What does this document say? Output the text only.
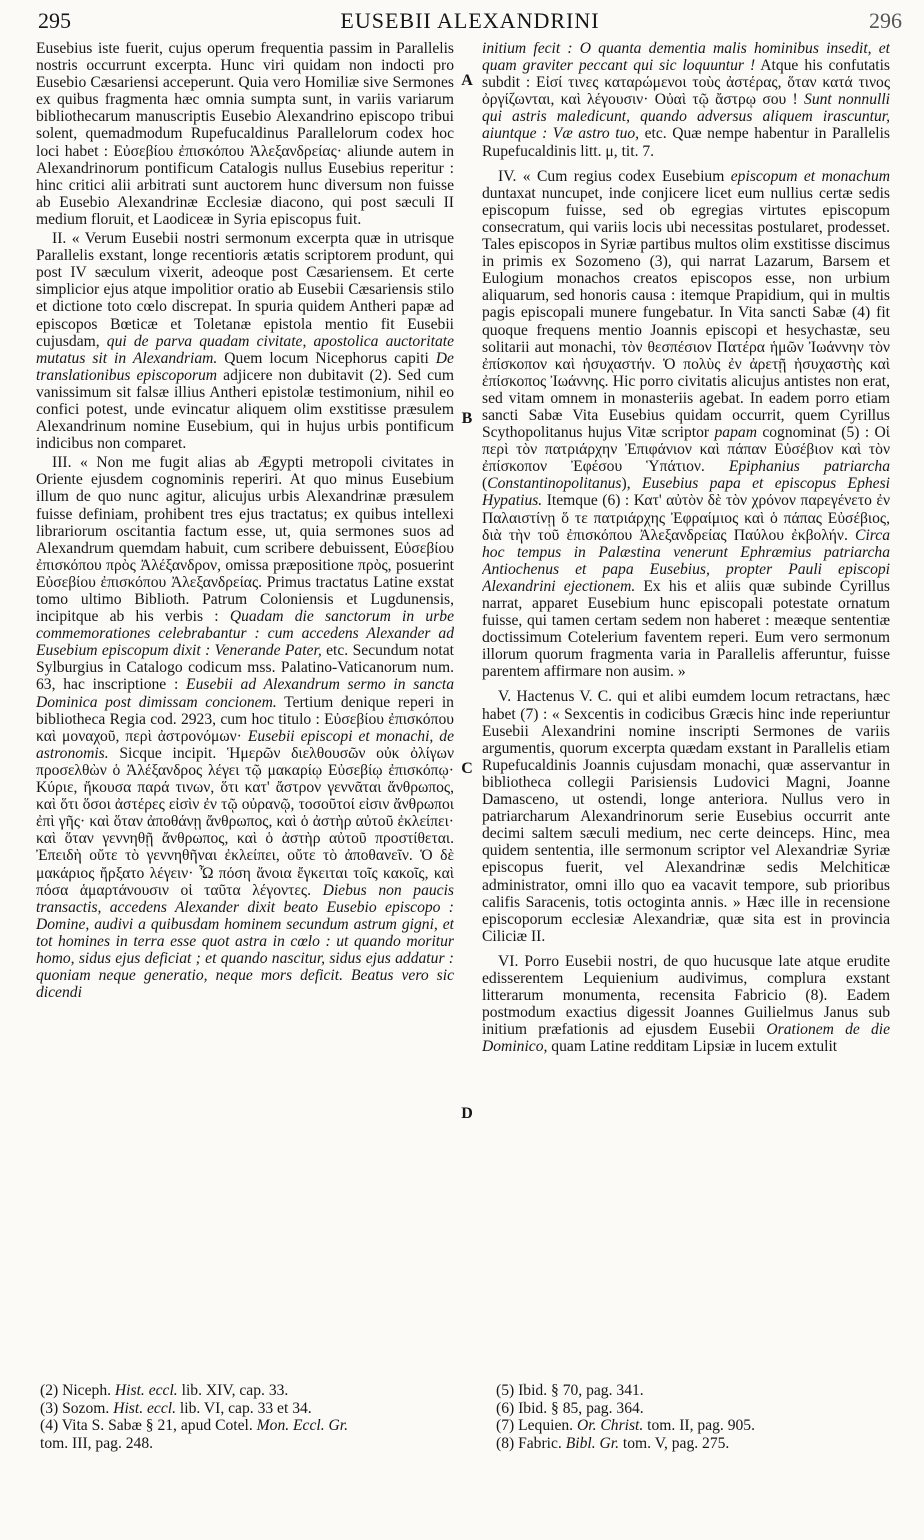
295	EUSEBII ALEXANDRINI	296

Eusebius iste fuerit, cujus operum frequentia passim in Parallelis nostris occurrunt excerpta. Hunc viri quidam non indocti pro Eusebio Cæsariensi acceperunt. Quia vero Homiliæ sive Sermones ex quibus fragmenta hæc omnia sumpta sunt, in variis variarum bibliothecarum manuscriptis Eusebio Alexandrino episcopo tribui solent, quemadmodum Rupefucaldinus Parallelorum codex hoc loci habet : Εὐσεβίου ἐπισκόπου Ἀλεξανδρείας· aliunde autem in Alexandrinorum pontificum Catalogis nullus Eusebius reperitur : hinc critici alii arbitrati sunt auctorem hunc diversum non fuisse ab Eusebio Alexandrinæ Ecclesiæ diacono, qui post sæculi II medium floruit, et Laodiceæ in Syria episcopus fuit.

II. « Verum Eusebii nostri sermonum excerpta quæ in utrisque Parallelis exstant, longe recentioris ætatis scriptorem produnt, qui post IV sæculum vixerit, adeoque post Cæsariensem. Et certe simplicior ejus atque impolitior oratio ab Eusebii Cæsariensis stilo et dictione toto cœlo discrepat. In spuria quidem Antheri papæ ad episcopos Bœticæ et Toletanæ epistola mentio fit Eusebii cujusdam, qui de parva quadam civitate, apostolica auctoritate mutatus sit in Alexandriam. Quem locum Nicephorus capiti De translationibus episcoporum adjicere non dubitavit (2). Sed cum vanissimum sit falsæ illius Antheri epistolæ testimonium, nihil eo confici potest, unde evincatur aliquem olim exstitisse præsulem Alexandrinum nomine Eusebium, qui in hujus urbis pontificum indicibus non comparet.

III. « Non me fugit alias ab Ægypti metropoli civitates in Oriente ejusdem cognominis reperiri. At quo minus Eusebium illum de quo nunc agitur, alicujus urbis Alexandrinæ præsulem fuisse definiam, prohibent tres ejus tractatus; ex quibus intellexi librariorum oscitantia factum esse, ut, quia sermones suos ad Alexandrum quemdam habuit, cum scribere debuissent, Εὐσεβίου ἐπισκόπου πρὸς Ἀλέξανδρον, omissa præpositione πρὸς, posuerint Εὐσεβίου ἐπισκόπου Ἀλεξανδρείας. Primus tractatus Latine exstat tomo ultimo Biblioth. Patrum Coloniensis et Lugdunensis, incipitque ab his verbis : Quadam die sanctorum in urbe commemorationes celebrabantur : cum accedens Alexander ad Eusebium episcopum dixit : Venerande Pater, etc. Secundum notat Sylburgius in Catalogo codicum mss. Palatino-Vaticanorum num. 63, hac inscriptione : Eusebii ad Alexandrum sermo in sancta Dominica post dimissam concionem. Tertium denique reperi in bibliotheca Regia cod. 2923, cum hoc titulo : Εὐσεβίου ἐπισκόπου καὶ μοναχοῦ, περὶ ἀστρονόμων· Eusebii episcopi et monachi, de astronomis. Sicque incipit. Ἡμερῶν διελθουσῶν οὐκ ὀλίγων προσελθὼν ὁ Ἀλέξανδρος λέγει τῷ μακαρίῳ Εὐσεβίῳ ἐπισκόπῳ· Κύριε, ἤκουσα παρά τινων, ὅτι κατ' ἄστρον γεννᾶται ἄνθρωπος, καὶ ὅτι ὅσοι ἀστέρες εἰσὶν ἐν τῷ οὐρανῷ, τοσοῦτοί εἰσιν ἄνθρωποι ἐπὶ γῆς· καὶ ὅταν ἀποθάνῃ ἄνθρωπος, καὶ ὁ ἀστὴρ αὐτοῦ ἐκλείπει· καὶ ὅταν γεννηθῇ ἄνθρωπος, καὶ ὁ ἀστὴρ αὐτοῦ προστίθεται. Ἐπειδὴ οὔτε τὸ γεννηθῆναι ἐκλείπει, οὔτε τὸ ἀποθανεῖν. Ὁ δὲ μακάριος ἤρξατο λέγειν· Ὦ πόση ἄνοια ἔγκειται τοῖς κακοῖς, καὶ πόσα ἁμαρτάνουσιν οἱ ταῦτα λέγοντες. Diebus non paucis transactis, accedens Alexander dixit beato Eusebio episcopo : Domine, audivi a quibusdam hominem secundum astrum gigni, et tot homines in terra esse quot astra in cœlo : ut quando moritur homo, sidus ejus deficiat ; et quando nascitur, sidus ejus addatur : quoniam neque generatio, neque mors deficit. Beatus vero sic dicendi

A
B
C
D

initium fecit : O quanta dementia malis hominibus insedit, et quam graviter peccant qui sic loquuntur ! Atque his confutatis subdit : Εἰσί τινες καταρώμενοι τοὺς ἀστέρας, ὅταν κατά τινος ὀργίζωνται, καὶ λέγουσιν· Οὐαὶ τῷ ἄστρῳ σου ! Sunt nonnulli qui astris maledicunt, quando adversus aliquem irascuntur, aiuntque : Væ astro tuo, etc. Quæ nempe habentur in Parallelis Rupefucaldinis litt. μ, tit. 7.

IV. « Cum regius codex Eusebium episcopum et monachum duntaxat nuncupet, inde conjicere licet eum nullius certæ sedis episcopum fuisse, sed ob egregias virtutes episcopum consecratum, qui variis locis ubi necessitas postularet, prodesset. Tales episcopos in Syriæ partibus multos olim exstitisse discimus in primis ex Sozomeno (3), qui narrat Lazarum, Barsem et Eulogium monachos creatos episcopos esse, non urbium aliquarum, sed honoris causa : itemque Prapidium, qui in multis pagis episcopali munere fungebatur. In Vita sancti Sabæ (4) fit quoque frequens mentio Joannis episcopi et hesychastæ, seu solitarii aut monachi, τὸν θεσπέσιον Πατέρα ἡμῶν Ἰωάννην τὸν ἐπίσκοπον καὶ ἡσυχαστήν. Ὁ πολὺς ἐν ἀρετῇ ἡσυχαστὴς καὶ ἐπίσκοπος Ἰωάννης. Hic porro civitatis alicujus antistes non erat, sed vitam omnem in monasteriis agebat. In eadem porro etiam sancti Sabæ Vita Eusebius quidam occurrit, quem Cyrillus Scythopolitanus hujus Vitæ scriptor papam cognominat (5) : Οἱ περὶ τὸν πατριάρχην Ἐπιφάνιον καὶ πάπαν Εὐσέβιον καὶ τὸν ἐπίσκοπον Ἐφέσου Ὑπάτιον. Epiphanius patriarcha (Constantinopolitanus), Eusebius papa et episcopus Ephesi Hypatius. Itemque (6) : Κατ' αὐτὸν δὲ τὸν χρόνον παρεγένετο ἐν Παλαιστίνῃ ὅ τε πατριάρχης Ἐφραίμιος καὶ ὁ πάπας Εὐσέβιος, διὰ τὴν τοῦ ἐπισκόπου Ἀλεξανδρείας Παύλου ἐκβολήν. Circa hoc tempus in Palæstina venerunt Ephræmius patriarcha Antiochenus et papa Eusebius, propter Pauli episcopi Alexandrini ejectionem. Ex his et aliis quæ subinde Cyrillus narrat, apparet Eusebium hunc episcopali potestate ornatum fuisse, qui tamen certam sedem non haberet : meæque sententiæ doctissimum Cotelerium faventem reperi. Eum vero sermonum illorum quorum fragmenta varia in Parallelis afferuntur, fuisse parentem affirmare non ausim. »

V. Hactenus V. C. qui et alibi eumdem locum retractans, hæc habet (7) : « Sexcentis in codicibus Græcis hinc inde reperiuntur Eusebii Alexandrini nomine inscripti Sermones de variis argumentis, quorum excerpta quædam exstant in Parallelis etiam Rupefucaldinis Joannis cujusdam monachi, quæ asservantur in bibliotheca collegii Parisiensis Ludovici Magni, Joanne Damasceno, ut ostendi, longe anteriora. Nullus vero in patriarcharum Alexandrinorum serie Eusebius occurrit ante decimi saltem sæculi medium, nec certe deinceps. Hinc, mea quidem sententia, ille sermonum scriptor vel Alexandriæ Syriæ episcopus fuerit, vel Alexandrinæ sedis Melchiticæ administrator, omni illo quo ea vacavit tempore, sub prioribus califis Saracenis, totis octoginta annis. » Hæc ille in recensione episcoporum ecclesiæ Alexandriæ, quæ sita est in provincia Ciliciæ II.

VI. Porro Eusebii nostri, de quo hucusque late atque erudite edisserentem Lequienium audivimus, complura exstant litterarum monumenta, recensita Fabricio (8). Eadem postmodum exactius digessit Joannes Guilielmus Janus sub initium præfationis ad ejusdem Eusebii Orationem de die Dominico, quam Latine redditam Lipsiæ in lucem extulit

(2) Niceph. Hist. eccl. lib. XIV, cap. 33.
(3) Sozom. Hist. eccl. lib. VI, cap. 33 et 34.
(4) Vita S. Sabæ § 21, apud Cotel. Mon. Eccl. Gr.
tom. III, pag. 248.
(5) Ibid. § 70, pag. 341.
(6) Ibid. § 85, pag. 364.
(7) Lequien. Or. Christ. tom. II, pag. 905.
(8) Fabric. Bibl. Gr. tom. V, pag. 275.
